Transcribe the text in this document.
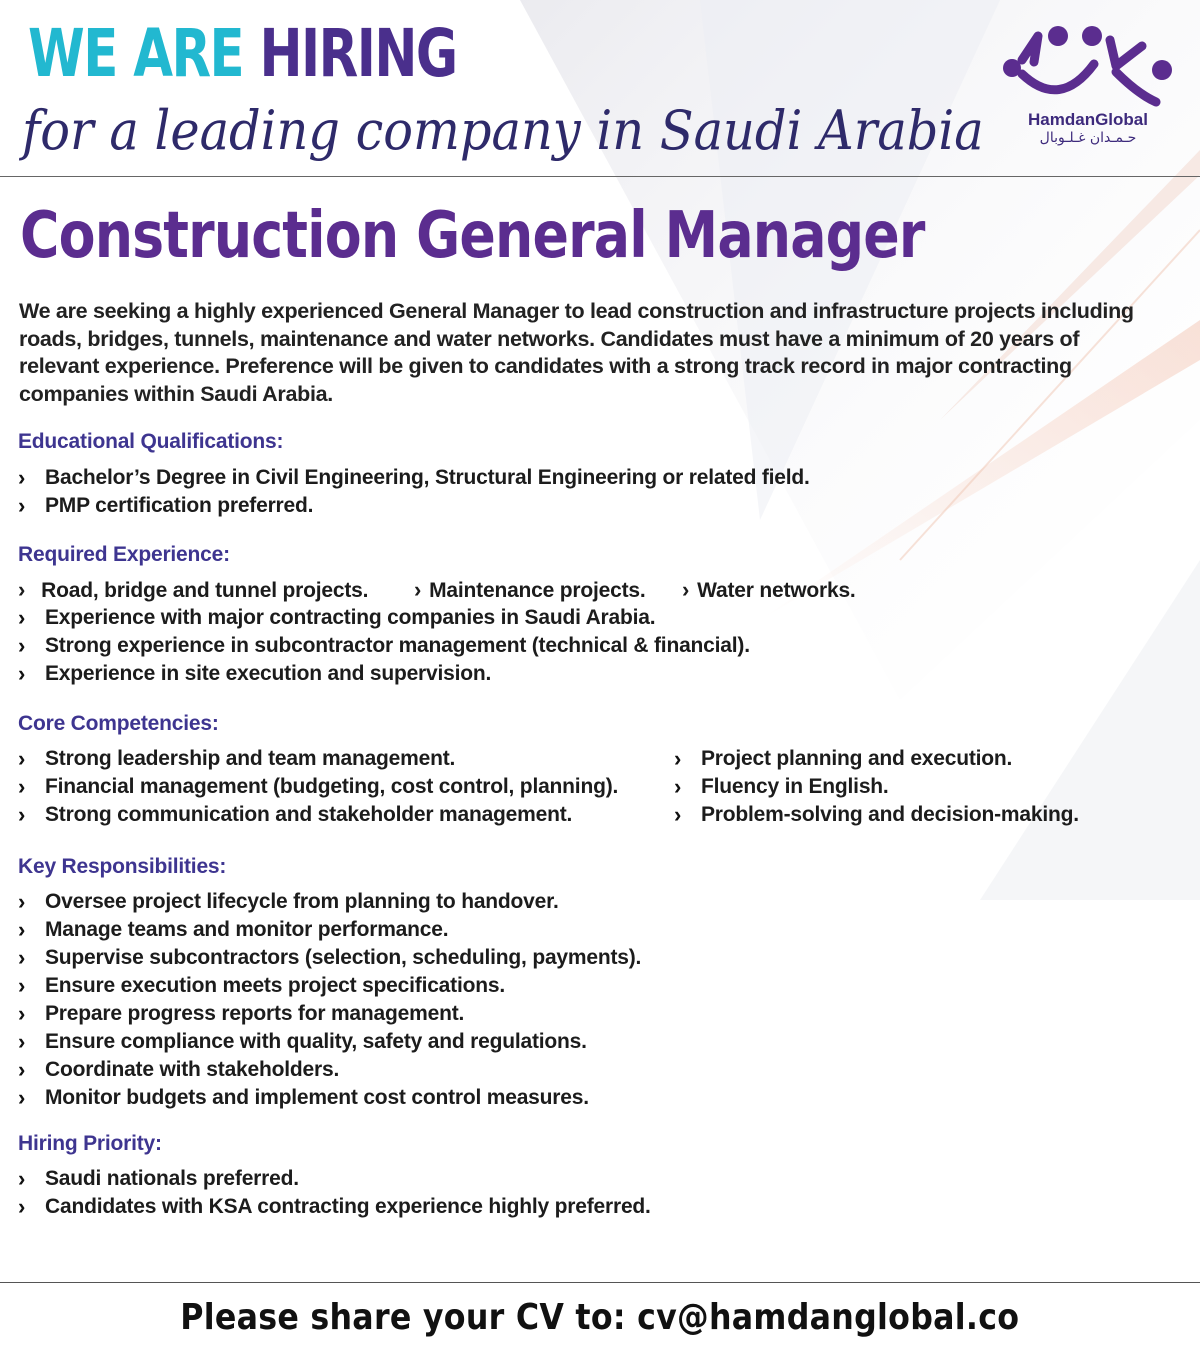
WE ARE HIRING
for a leading company in Saudi Arabia	HamdanGlobal
حـمـدان غـلـوبال
Construction General Manager
We are seeking a highly experienced General Manager to lead construction and infrastructure projects including
roads, bridges, tunnels, maintenance and water networks. Candidates must have a minimum of 20 years of
relevant experience. Preference will be given to candidates with a strong track record in major contracting
companies within Saudi Arabia.
Educational Qualifications:
› Bachelor’s Degree in Civil Engineering, Structural Engineering or related field.
› PMP certification preferred.
Required Experience:
› Road, bridge and tunnel projects. › Maintenance projects. › Water networks.
› Experience with major contracting companies in Saudi Arabia.
› Strong experience in subcontractor management (technical & financial).
› Experience in site execution and supervision.
Core Competencies:
› Strong leadership and team management.
› Financial management (budgeting, cost control, planning).
› Strong communication and stakeholder management.
› Project planning and execution.
› Fluency in English.
› Problem-solving and decision-making.
Key Responsibilities:
› Oversee project lifecycle from planning to handover.
› Manage teams and monitor performance.
› Supervise subcontractors (selection, scheduling, payments).
› Ensure execution meets project specifications.
› Prepare progress reports for management.
› Ensure compliance with quality, safety and regulations.
› Coordinate with stakeholders.
› Monitor budgets and implement cost control measures.
Hiring Priority:
› Saudi nationals preferred.
› Candidates with KSA contracting experience highly preferred.
Please share your CV to: cv@hamdanglobal.co
